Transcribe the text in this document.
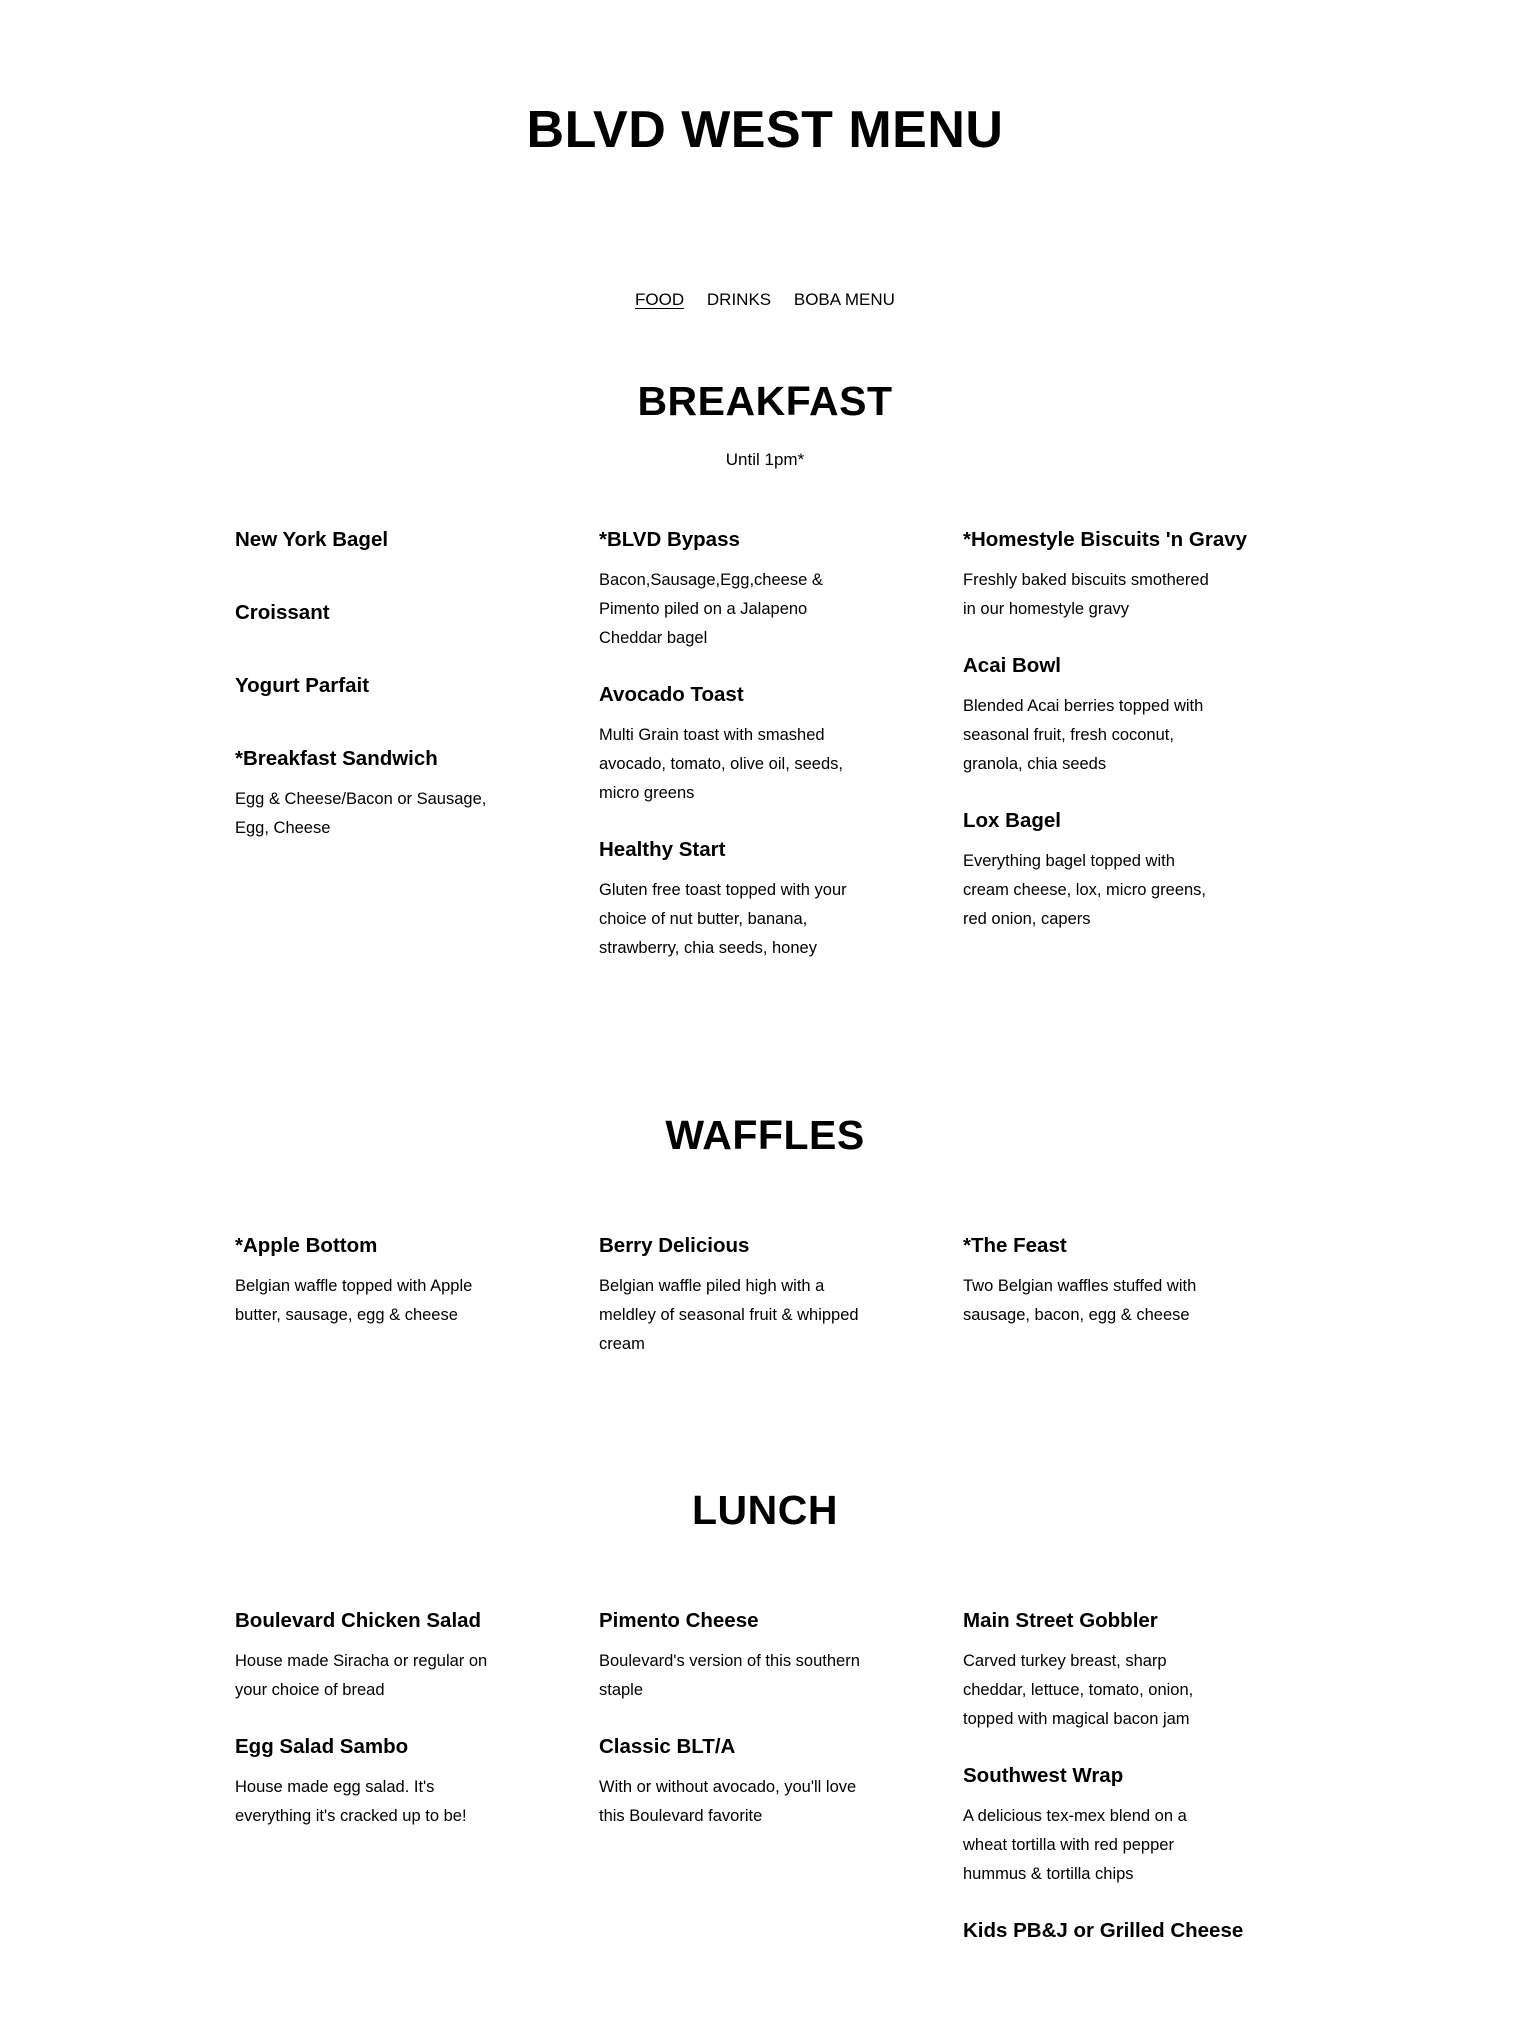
BLVD WEST MENU
FOOD DRINKS BOBA MENU
BREAKFAST
Until 1pm*
New York Bagel
Croissant
Yogurt Parfait
*Breakfast Sandwich

Egg & Cheese/Bacon or Sausage, Egg, Cheese

*BLVD Bypass

Bacon,Sausage,Egg,cheese & Pimento piled on a Jalapeno Cheddar bagel

Avocado Toast

Multi Grain toast with smashed avocado, tomato, olive oil, seeds, micro greens

Healthy Start

Gluten free toast topped with your choice of nut butter, banana, strawberry, chia seeds, honey

*Homestyle Biscuits 'n Gravy

Freshly baked biscuits smothered in our homestyle gravy

Acai Bowl

Blended Acai berries topped with seasonal fruit, fresh coconut, granola, chia seeds

Lox Bagel

Everything bagel topped with cream cheese, lox, micro greens, red onion, capers

WAFFLES
*Apple Bottom

Belgian waffle topped with Apple butter, sausage, egg & cheese

Berry Delicious

Belgian waffle piled high with a meldley of seasonal fruit & whipped cream

*The Feast

Two Belgian waffles stuffed with sausage, bacon, egg & cheese

LUNCH
Boulevard Chicken Salad

House made Siracha or regular on your choice of bread

Egg Salad Sambo

House made egg salad. It's everything it's cracked up to be!

Pimento Cheese

Boulevard's version of this southern staple

Classic BLT/A

With or without avocado, you'll love this Boulevard favorite

Main Street Gobbler

Carved turkey breast, sharp cheddar, lettuce, tomato, onion, topped with magical bacon jam

Southwest Wrap

A delicious tex-mex blend on a wheat tortilla with red pepper hummus & tortilla chips

Kids PB&J or Grilled Cheese
